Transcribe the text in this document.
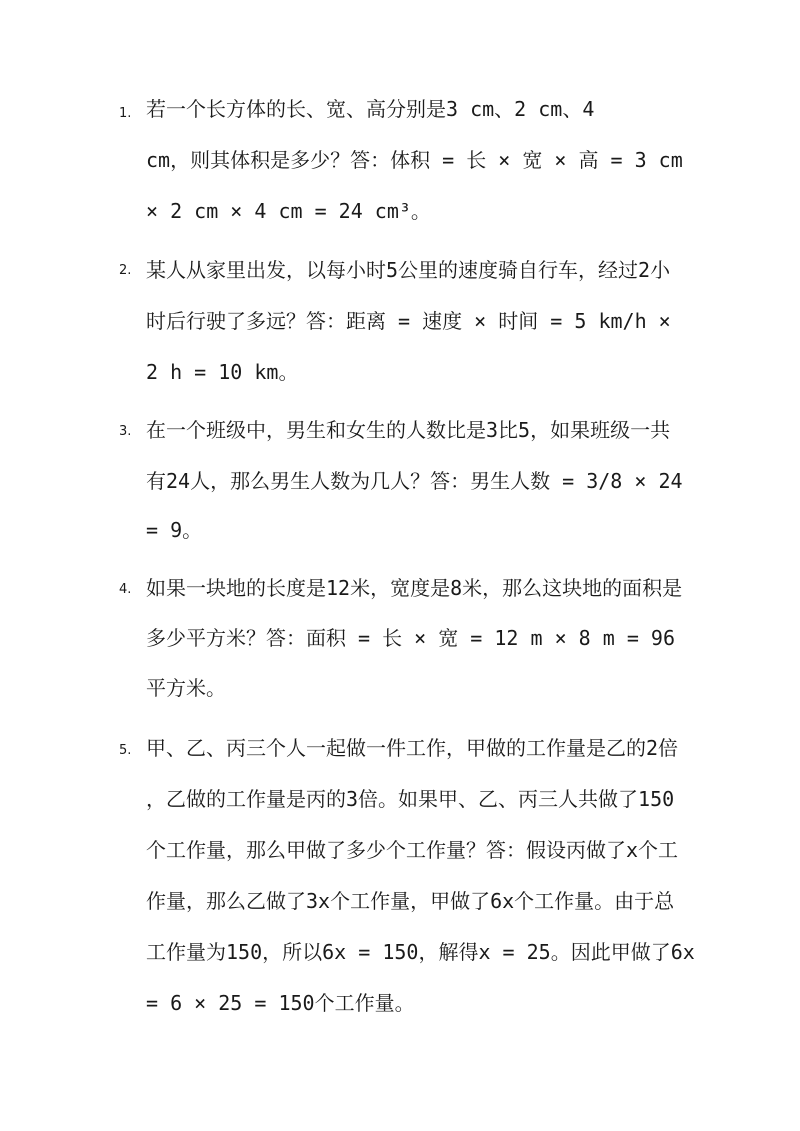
1. 若一个长方体的长、宽、高分别是3 cm、2 cm、4
cm，则其体积是多少？答：体积 = 长 × 宽 × 高 = 3 cm
× 2 cm × 4 cm = 24 cm³。
2. 某人从家里出发，以每小时5公里的速度骑自行车，经过2小
时后行驶了多远？答：距离 = 速度 × 时间 = 5 km/h ×
2 h = 10 km。
3. 在一个班级中，男生和女生的人数比是3比5，如果班级一共
有24人，那么男生人数为几人？答：男生人数 = 3/8 × 24
= 9。
4. 如果一块地的长度是12米，宽度是8米，那么这块地的面积是
多少平方米？答：面积 = 长 × 宽 = 12 m × 8 m = 96
平方米。
5. 甲、乙、丙三个人一起做一件工作，甲做的工作量是乙的2倍
，乙做的工作量是丙的3倍。如果甲、乙、丙三人共做了150
个工作量，那么甲做了多少个工作量？答：假设丙做了x个工
作量，那么乙做了3x个工作量，甲做了6x个工作量。由于总
工作量为150，所以6x = 150，解得x = 25。因此甲做了6x
= 6 × 25 = 150个工作量。
